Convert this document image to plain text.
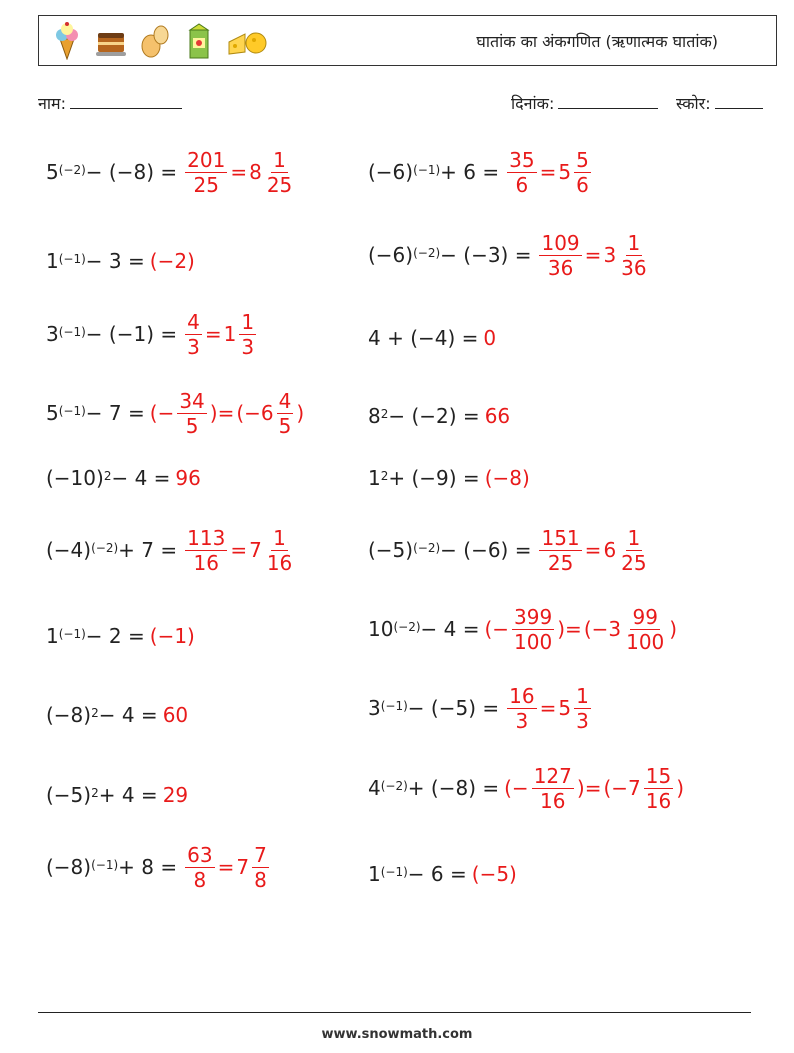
घातांक का अंकगणित (ऋणात्मक घातांक)
नाम:	दिनांक:	स्कोर:
$5^{(-2)} - (-8) = \frac{201}{25} = 8 \frac{1}{25}$	$(-6)^{(-1)} + 6 = \frac{35}{6} = 5 \frac{5}{6}$
$1^{(-1)} - 3 = (-2)$	$(-6)^{(-2)} - (-3) = \frac{109}{36} = 3 \frac{1}{36}$
$3^{(-1)} - (-1) = \frac{4}{3} = 1 \frac{1}{3}$	4 + (−4) = 0
$5^{(-1)} - 7$ = (− $\frac{34}{5}$ ) = ($-6 \frac{4}{5}$ )	$8^2 - (-2) = 66$
$(-10)^2 - 4 = 96$	$1^2 + (-9) = (-8)$
$(-4)^{(-2)} + 7 = \frac{113}{16} = 7 \frac{1}{16}$	$(-5)^{(-2)} - (-6) = \frac{151}{25} = 6 \frac{1}{25}$
$1^{(-1)} - 2 = (-1)$	$10^{(-2)} - 4$ = (− $\frac{399}{100}$ ) = ($-3 \frac{99}{100}$ )
$(-8)^2 - 4 = 60$	$3^{(-1)} - (-5) = \frac{16}{3} = 5 \frac{1}{3}$
$(-5)^2 + 4 = 29$	$4^{(-2)} + (-8)$ = (− $\frac{127}{16}$ ) = ($-7 \frac{15}{16}$ )
$(-8)^{(-1)} + 8 = \frac{63}{8} = 7 \frac{7}{8}$	$1^{(-1)} - 6 = (-5)$
www.snowmath.com
